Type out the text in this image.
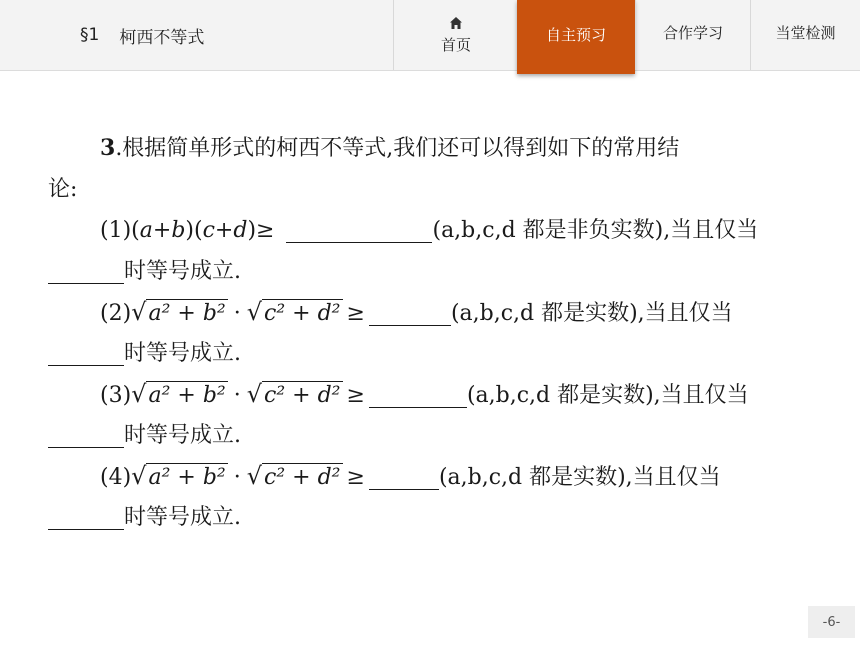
§1 柯西不等式	首页
自主预习	合作学习	当堂检测
3.根据简单形式的柯西不等式,我们还可以得到如下的常用结
论:
(1)(a+b)(c+d)≥	(a,b,c,d 都是非负实数),当且仅当
时等号成立.
(2)√a² + b² · √c² + d² ≥	(a,b,c,d 都是实数),当且仅当
时等号成立.
(3)√a² + b² · √c² + d² ≥	(a,b,c,d 都是实数),当且仅当
时等号成立.
(4)√a² + b² · √c² + d² ≥	(a,b,c,d 都是实数),当且仅当
时等号成立.
-6-
